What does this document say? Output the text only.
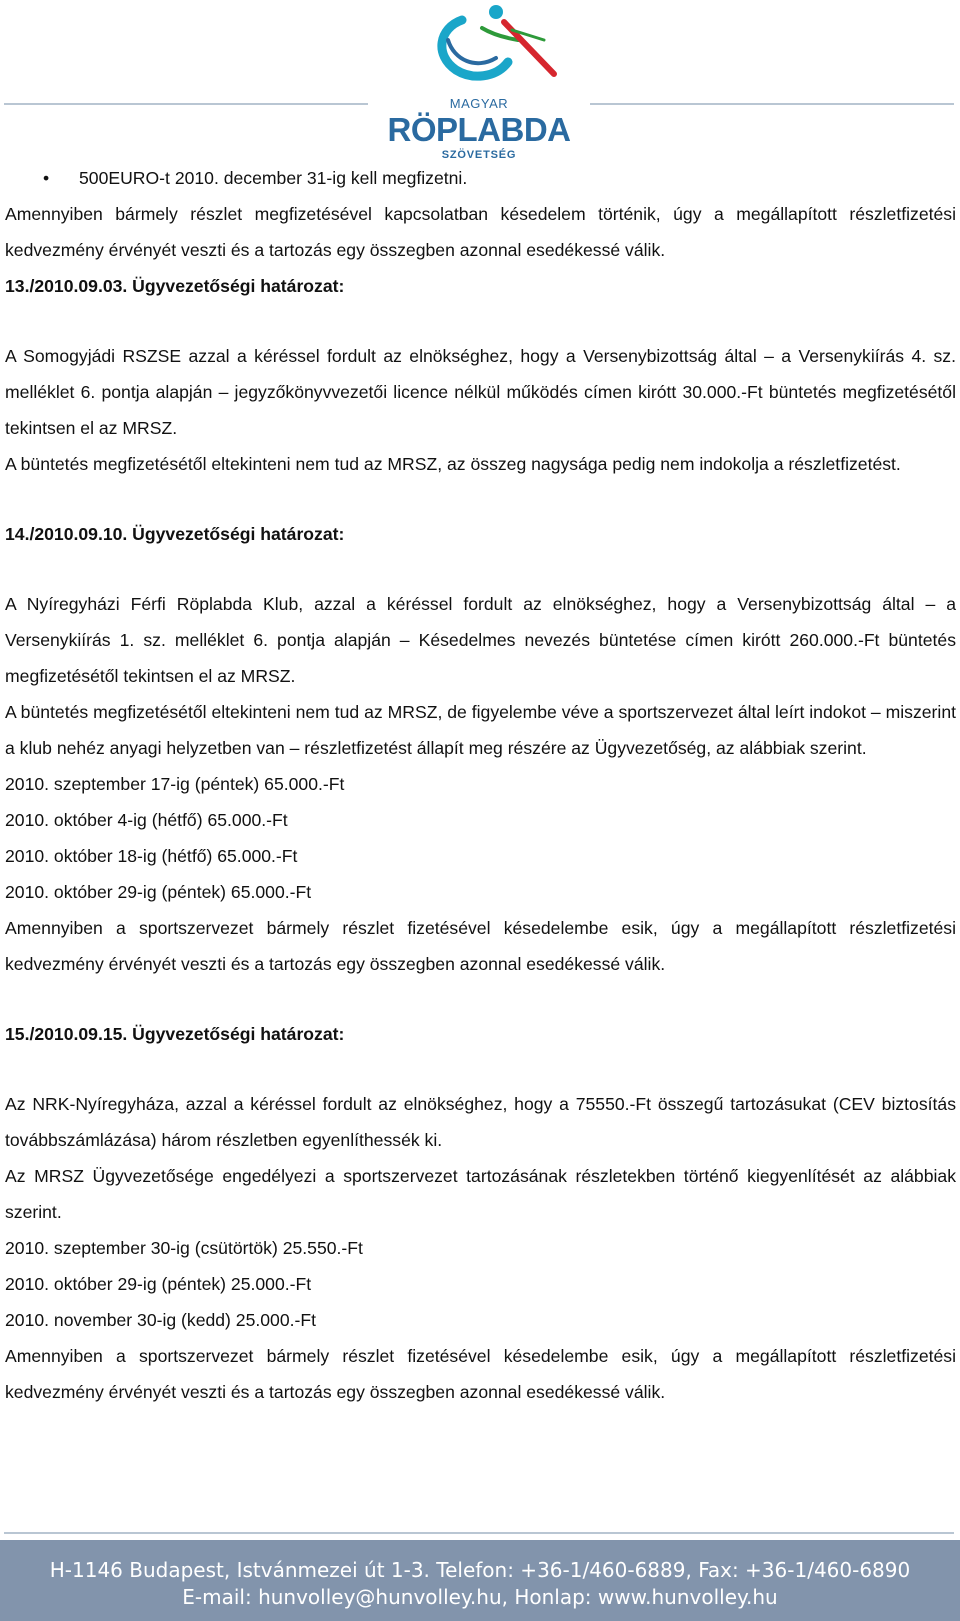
MAGYAR
RÖPLABDA
SZÖVETSÉG

• 500EURO-t 2010. december 31-ig kell megfizetni.

Amennyiben bármely részlet megfizetésével kapcsolatban késedelem történik, úgy a megállapított részletfizetési kedvezmény érvényét veszti és a tartozás egy összegben azonnal esedékessé válik.

13./2010.09.03. Ügyvezetőségi határozat:

A Somogyjádi RSZSE azzal a kéréssel fordult az elnökséghez, hogy a Versenybizottság által – a Versenykiírás 4. sz. melléklet 6. pontja alapján – jegyzőkönyvvezetői licence nélkül működés címen kirótt 30.000.-Ft büntetés megfizetésétől tekintsen el az MRSZ.

A büntetés megfizetésétől eltekinteni nem tud az MRSZ, az összeg nagysága pedig nem indokolja a részletfizetést.

14./2010.09.10. Ügyvezetőségi határozat:

A Nyíregyházi Férfi Röplabda Klub, azzal a kéréssel fordult az elnökséghez, hogy a Versenybizottság által – a Versenykiírás 1. sz. melléklet 6. pontja alapján – Késedelmes nevezés büntetése címen kirótt 260.000.-Ft büntetés megfizetésétől tekintsen el az MRSZ.

A büntetés megfizetésétől eltekinteni nem tud az MRSZ, de figyelembe véve a sportszervezet által leírt indokot – miszerint a klub nehéz anyagi helyzetben van – részletfizetést állapít meg részére az Ügyvezetőség, az alábbiak szerint.

2010. szeptember 17-ig (péntek) 65.000.-Ft

2010. október 4-ig (hétfő) 65.000.-Ft

2010. október 18-ig (hétfő) 65.000.-Ft

2010. október 29-ig (péntek) 65.000.-Ft

Amennyiben a sportszervezet bármely részlet fizetésével késedelembe esik, úgy a megállapított részletfizetési kedvezmény érvényét veszti és a tartozás egy összegben azonnal esedékessé válik.

15./2010.09.15. Ügyvezetőségi határozat:

Az NRK-Nyíregyháza, azzal a kéréssel fordult az elnökséghez, hogy a 75550.-Ft összegű tartozásukat (CEV biztosítás továbbszámlázása) három részletben egyenlíthessék ki.

Az MRSZ Ügyvezetősége engedélyezi a sportszervezet tartozásának részletekben történő kiegyenlítését az alábbiak szerint.

2010. szeptember 30-ig (csütörtök) 25.550.-Ft

2010. október 29-ig (péntek) 25.000.-Ft

2010. november 30-ig (kedd) 25.000.-Ft

Amennyiben a sportszervezet bármely részlet fizetésével késedelembe esik, úgy a megállapított részletfizetési kedvezmény érvényét veszti és a tartozás egy összegben azonnal esedékessé válik.

H-1146 Budapest, Istvánmezei út 1-3. Telefon: +36-1/460-6889, Fax: +36-1/460-6890
E-mail: hunvolley@hunvolley.hu, Honlap: www.hunvolley.hu
